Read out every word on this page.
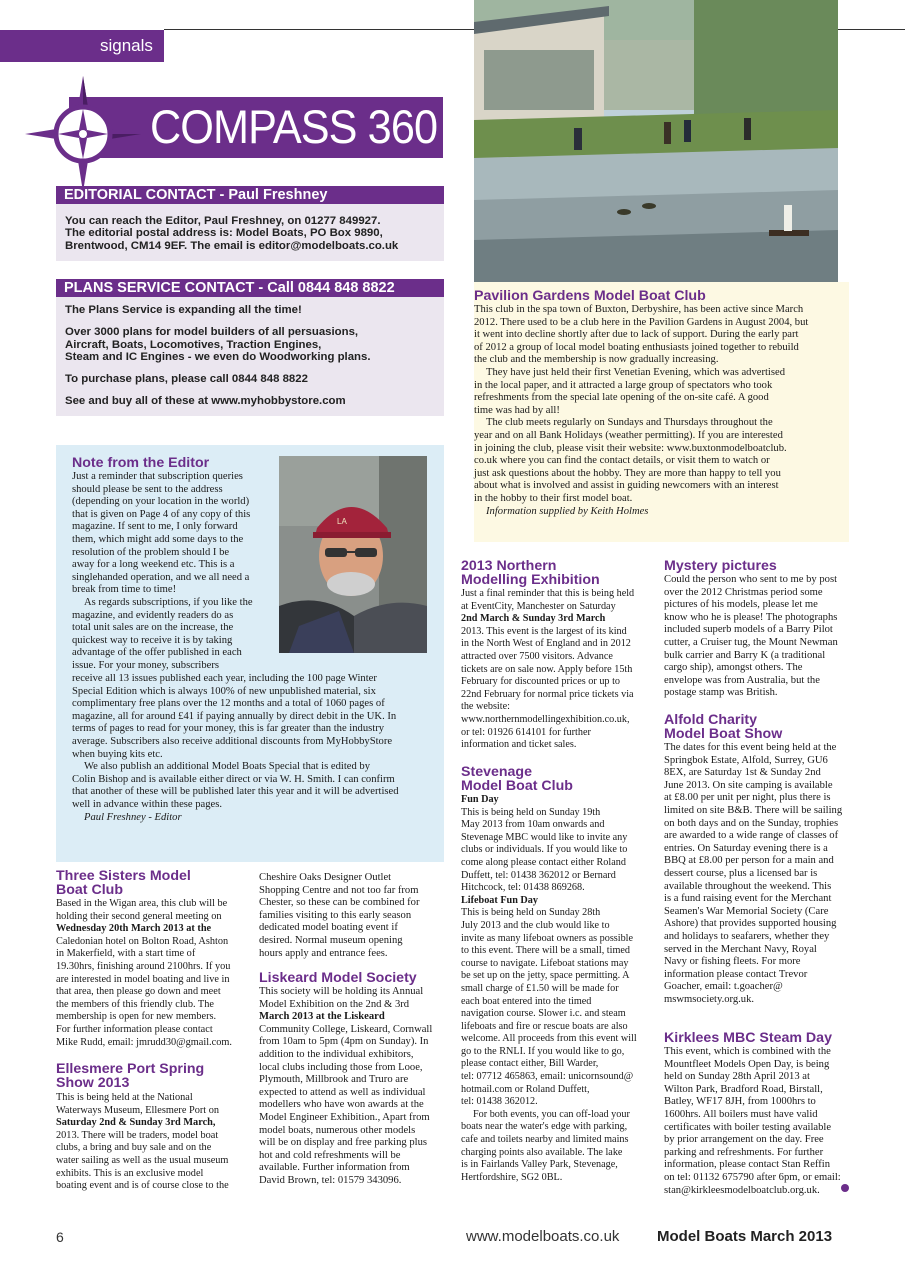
signals
COMPASS 360
EDITORIAL CONTACT - Paul Freshney

You can reach the Editor, Paul Freshney, on 01277 849927.

The editorial postal address is: Model Boats, PO Box 9890,

Brentwood, CM14 9EF. The email is editor@modelboats.co.uk

PLANS SERVICE CONTACT - Call 0844 848 8822

The Plans Service is expanding all the time!

Over 3000 plans for model builders of all persuasions,

Aircraft, Boats, Locomotives, Traction Engines,

Steam and IC Engines - we even do Woodworking plans.

To purchase plans, please call 0844 848 8822

See and buy all of these at www.myhobbystore.com

LA

Note from the Editor

Just a reminder that subscription queries

should please be sent to the address

(depending on your location in the world)

that is given on Page 4 of any copy of this

magazine. If sent to me, I only forward

them, which might add some days to the

resolution of the problem should I be

away for a long weekend etc. This is a

singlehanded operation, and we all need a

break from time to time!

As regards subscriptions, if you like the

magazine, and evidently readers do as

total unit sales are on the increase, the

quickest way to receive it is by taking

advantage of the offer published in each

issue. For your money, subscribers

receive all 13 issues published each year, including the 100 page Winter

Special Edition which is always 100% of new unpublished material, six

complimentary free plans over the 12 months and a total of 1060 pages of

magazine, all for around £41 if paying annually by direct debit in the UK. In

terms of pages to read for your money, this is far greater than the industry

average. Subscribers also receive additional discounts from MyHobbyStore

when buying kits etc.

We also publish an additional Model Boats Special that is edited by

Colin Bishop and is available either direct or via W. H. Smith. I can confirm

that another of these will be published later this year and it will be advertised

well in advance within these pages.

Paul Freshney - Editor

Pavilion Gardens Model Boat Club

This club in the spa town of Buxton, Derbyshire, has been active since March

2012. There used to be a club here in the Pavilion Gardens in August 2004, but

it went into decline shortly after due to lack of support. During the early part

of 2012 a group of local model boating enthusiasts joined together to rebuild

the club and the membership is now gradually increasing.

They have just held their first Venetian Evening, which was advertised

in the local paper, and it attracted a large group of spectators who took

refreshments from the special late opening of the on-site café. A good

time was had by all!

The club meets regularly on Sundays and Thursdays throughout the

year and on all Bank Holidays (weather permitting). If you are interested

in joining the club, please visit their website: www.buxtonmodelboatclub.

co.uk where you can find the contact details, or visit them to watch or

just ask questions about the hobby. They are more than happy to tell you

about what is involved and assist in guiding newcomers with an interest

in the hobby to their first model boat.

Information supplied by Keith Holmes

Three Sisters Model

Boat Club

Based in the Wigan area, this club will be

holding their second general meeting on

Wednesday 20th March 2013 at the

Caledonian hotel on Bolton Road, Ashton

in Makerfield, with a start time of

19.30hrs, finishing around 2100hrs. If you

are interested in model boating and live in

that area, then please go down and meet

the members of this friendly club. The

membership is open for new members.

For further information please contact

Mike Rudd, email: jmrudd30@gmail.com.

Ellesmere Port Spring

Show 2013

This is being held at the National

Waterways Museum, Ellesmere Port on

Saturday 2nd & Sunday 3rd March,

2013. There will be traders, model boat

clubs, a bring and buy sale and on the

water sailing as well as the usual museum

exhibits. This is an exclusive model

boating event and is of course close to the

Cheshire Oaks Designer Outlet

Shopping Centre and not too far from

Chester, so these can be combined for

families visiting to this early season

dedicated model boating event if

desired. Normal museum opening

hours apply and entrance fees.

Liskeard Model Society

This society will be holding its Annual

Model Exhibition on the 2nd & 3rd

March 2013 at the Liskeard

Community College, Liskeard, Cornwall

from 10am to 5pm (4pm on Sunday). In

addition to the individual exhibitors,

local clubs including those from Looe,

Plymouth, Millbrook and Truro are

expected to attend as well as individual

modellers who have won awards at the

Model Engineer Exhibition., Apart from

model boats, numerous other models

will be on display and free parking plus

hot and cold refreshments will be

available. Further information from

David Brown, tel: 01579 343096.

2013 Northern

Modelling Exhibition

Just a final reminder that this is being held

at EventCity, Manchester on Saturday

2nd March & Sunday 3rd March

2013. This event is the largest of its kind

in the North West of England and in 2012

attracted over 7500 visitors. Advance

tickets are on sale now. Apply before 15th

February for discounted prices or up to

22nd February for normal price tickets via

the website:

www.northernmodellingexhibition.co.uk,

or tel: 01926 614101 for further

information and ticket sales.

Stevenage

Model Boat Club

Fun Day

This is being held on Sunday 19th

May 2013 from 10am onwards and

Stevenage MBC would like to invite any

clubs or individuals. If you would like to

come along please contact either Roland

Duffett, tel: 01438 362012 or Bernard

Hitchcock, tel: 01438 869268.

Lifeboat Fun Day

This is being held on Sunday 28th

July 2013 and the club would like to

invite as many lifeboat owners as possible

to this event. There will be a small, timed

course to navigate. Lifeboat stations may

be set up on the jetty, space permitting. A

small charge of £1.50 will be made for

each boat entered into the timed

navigation course. Slower i.c. and steam

lifeboats and fire or rescue boats are also

welcome. All proceeds from this event will

go to the RNLI. If you would like to go,

please contact either, Bill Warder,

tel: 07712 465863, email: unicornsound@

hotmail.com or Roland Duffett,

tel: 01438 362012.

For both events, you can off-load your

boats near the water's edge with parking,

cafe and toilets nearby and limited mains

charging points also available. The lake

is in Fairlands Valley Park, Stevenage,

Hertfordshire, SG2 0BL.

Mystery pictures

Could the person who sent to me by post

over the 2012 Christmas period some

pictures of his models, please let me

know who he is please! The photographs

included superb models of a Barry Pilot

cutter, a Cruiser tug, the Mount Newman

bulk carrier and Barry K (a traditional

cargo ship), amongst others. The

envelope was from Australia, but the

postage stamp was British.

Alfold Charity

Model Boat Show

The dates for this event being held at the

Springbok Estate, Alfold, Surrey, GU6

8EX, are Saturday 1st & Sunday 2nd

June 2013. On site camping is available

at £8.00 per unit per night, plus there is

limited on site B&B. There will be sailing

on both days and on the Sunday, trophies

are awarded to a wide range of classes of

entries. On Saturday evening there is a

BBQ at £8.00 per person for a main and

dessert course, plus a licensed bar is

available throughout the weekend. This

is a fund raising event for the Merchant

Seamen's War Memorial Society (Care

Ashore) that provides supported housing

and holidays to seafarers, whether they

served in the Merchant Navy, Royal

Navy or fishing fleets. For more

information please contact Trevor

Goacher, email: t.goacher@

mswmsociety.org.uk.

Kirklees MBC Steam Day

This event, which is combined with the

Mountfleet Models Open Day, is being

held on Sunday 28th April 2013 at

Wilton Park, Bradford Road, Birstall,

Batley, WF17 8JH, from 1000hrs to

1600hrs. All boilers must have valid

certificates with boiler testing available

by prior arrangement on the day. Free

parking and refreshments. For further

information, please contact Stan Reffin

on tel: 01132 675790 after 6pm, or email:

stan@kirkleesmodelboatclub.org.uk.

6	www.modelboats.co.uk	Model Boats March 2013
